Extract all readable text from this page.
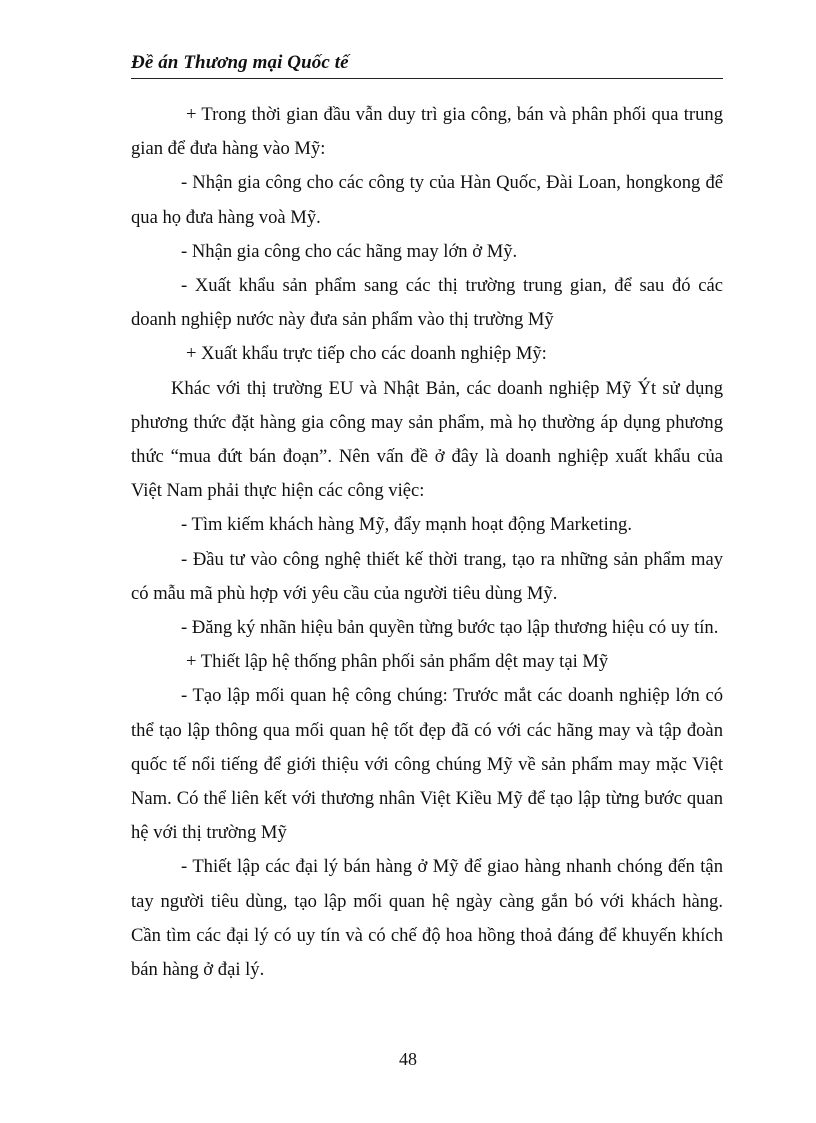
Đề án Thương mại Quốc tế

+ Trong thời gian đầu vẫn duy trì gia công, bán và phân phối qua trung gian để đưa hàng vào Mỹ:

- Nhận gia công cho các công ty của Hàn Quốc, Đài Loan, hongkong để qua họ đưa hàng voà Mỹ.

- Nhận gia công cho các hãng may lớn ở Mỹ.

- Xuất khẩu sản phẩm sang các thị trường trung gian, để sau đó các doanh nghiệp nước này đưa sản phẩm vào thị trường Mỹ

+ Xuất khẩu trực tiếp cho các doanh nghiệp Mỹ:

Khác với thị trường EU và Nhật Bản, các doanh nghiệp Mỹ Ýt sử dụng phương thức đặt hàng gia công may sản phẩm, mà họ thường áp dụng phương thức “mua đứt bán đoạn”. Nên vấn đề ở đây là doanh nghiệp xuất khẩu của Việt Nam phải thực hiện các công việc:

- Tìm kiếm khách hàng Mỹ, đẩy mạnh hoạt động Marketing.

- Đầu tư vào công nghệ thiết kế thời trang, tạo ra những sản phẩm may có mẫu mã phù hợp với yêu cầu của người tiêu dùng Mỹ.

- Đăng ký nhãn hiệu bản quyền từng bước tạo lập thương hiệu có uy tín.

+ Thiết lập hệ thống phân phối sản phẩm dệt may tại Mỹ

- Tạo lập mối quan hệ công chúng: Trước mắt các doanh nghiệp lớn có thể tạo lập thông qua mối quan hệ tốt đẹp đã có với các hãng may và tập đoàn quốc tế nổi tiếng để giới thiệu với công chúng Mỹ về sản phẩm may mặc Việt Nam. Có thể liên kết với thương nhân Việt Kiều Mỹ để tạo lập từng bước quan hệ với thị trường Mỹ

- Thiết lập các đại lý bán hàng ở Mỹ để giao hàng nhanh chóng đến tận tay người tiêu dùng, tạo lập mối quan hệ ngày càng gắn bó với khách hàng. Cần tìm các đại lý có uy tín và có chế độ hoa hồng thoả đáng để khuyến khích bán hàng ở đại lý.

48
